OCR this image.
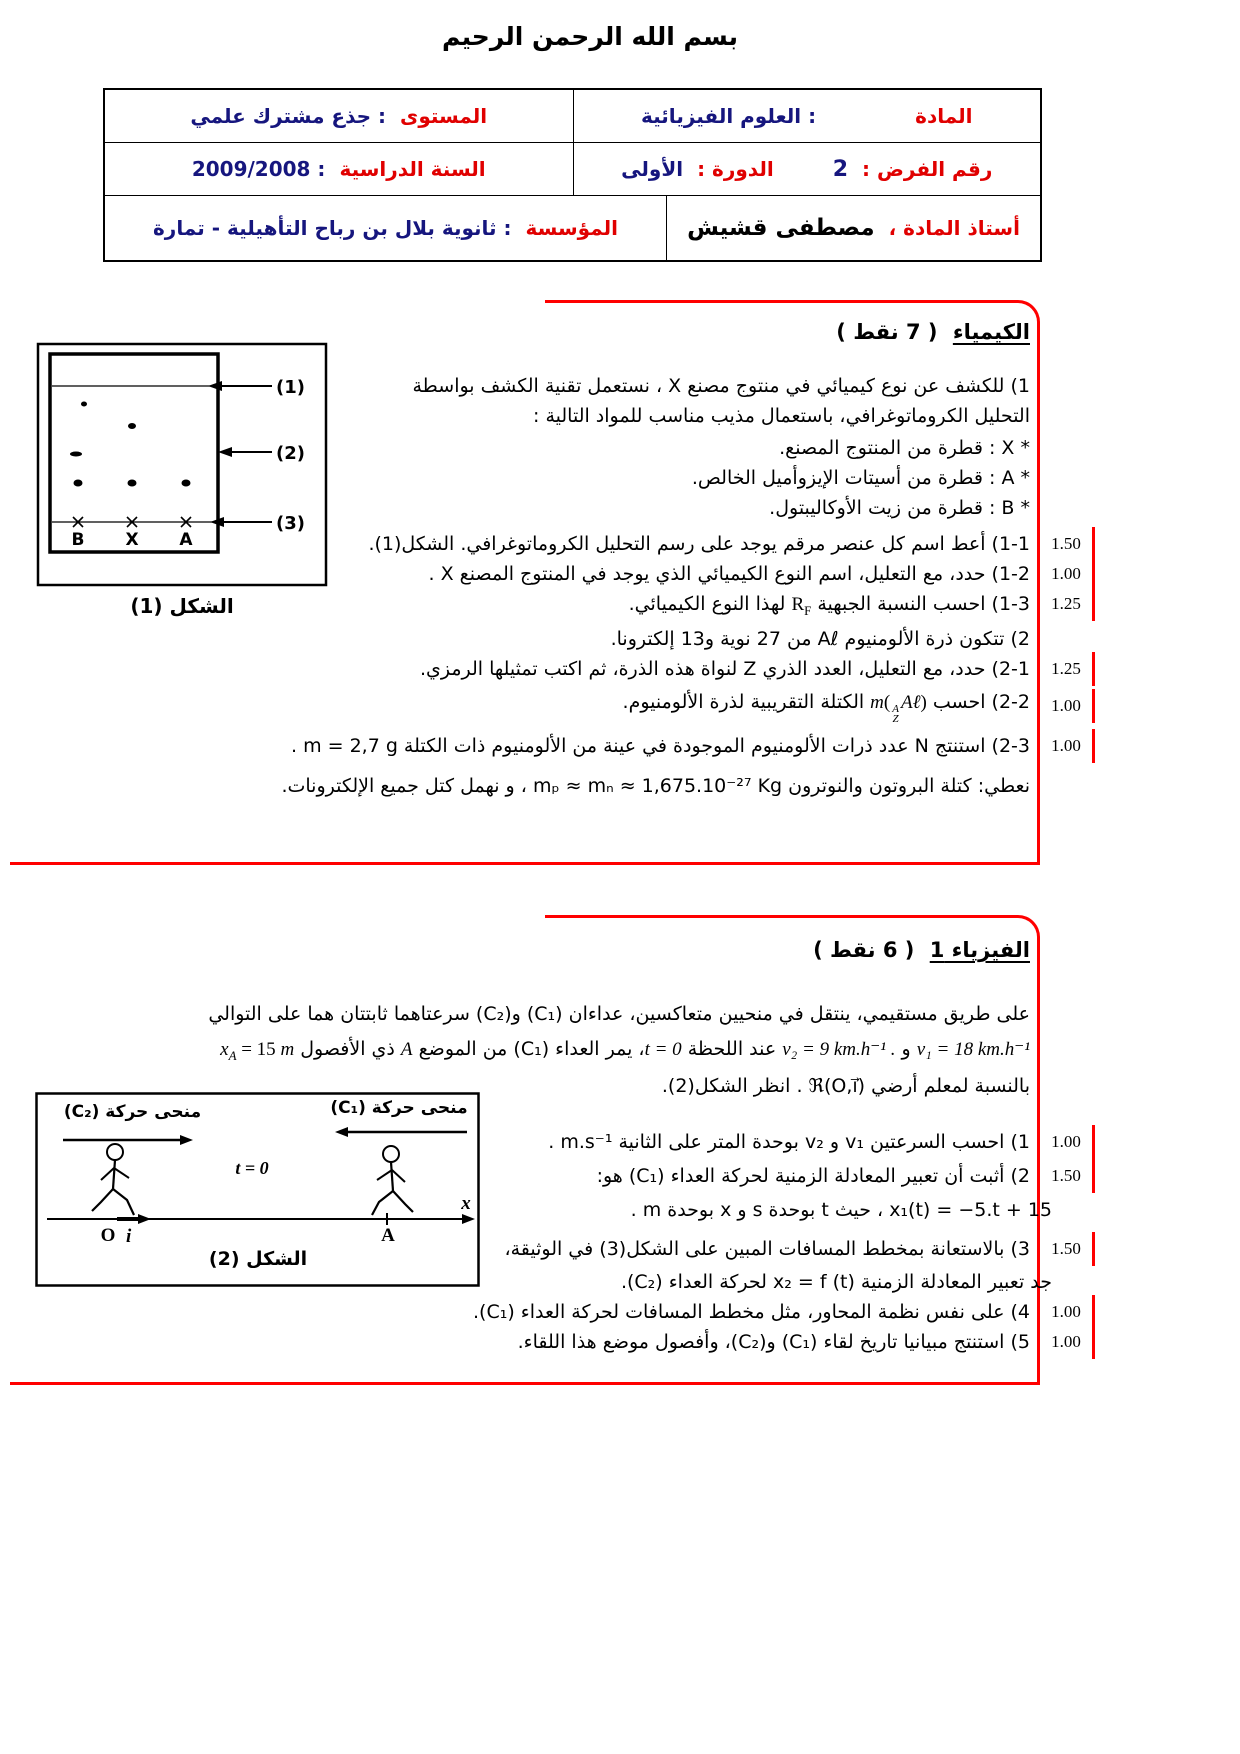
بسم الله الرحمن الرحيم
المادة
: العلوم الفيزيائية
المستوى
: جذع مشترك علمي
رقم الفرض :
2
الدورة :
الأولى
السنة الدراسية
: 2009/2008
أستاذ المادة ،
مصطفى قشيش
المؤسسة
: ثانوية بلال بن رباح التأهيلية - تمارة
الكيمياء ( 7 نقط )
1) للكشف عن نوع كيميائي في منتوج مصنع X ، نستعمل تقنية الكشف بواسطة
التحليل الكروماتوغرافي، باستعمال مذيب مناسب للمواد التالية :
* X : قطرة من المنتوج المصنع.
* A : قطرة من أسيتات الإيزوأميل الخالص.
* B : قطرة من زيت الأوكاليبتول.
1-1) أعط اسم كل عنصر مرقم يوجد على رسم التحليل الكروماتوغرافي. الشكل(1).
1-2) حدد، مع التعليل، اسم النوع الكيميائي الذي يوجد في المنتوج المصنع X .
1-3) احسب النسبة الجبهية $R_F$ لهذا النوع الكيميائي.
2) تتكون ذرة الألومنيوم Aℓ من 27 نوية و13 إلكترونا.
2-1) حدد، مع التعليل، العدد الذري Z لنواة هذه الذرة، ثم اكتب تمثيلها الرمزي.
2-2) احسب m( A
Z
Aℓ) الكتلة التقريبية لذرة الألومنيوم.
2-3) استنتج N عدد ذرات الألومنيوم الموجودة في عينة من الألومنيوم ذات الكتلة m = 2,7 g .
نعطي: كتلة البروتون والنوترون mₚ ≈ mₙ ≈ 1,675.10⁻²⁷ Kg ، و نهمل كتل جميع الإلكترونات.
1.50
1.00
1.25
1.25
1.00
1.00
B X A
(1)
(2)
(3)
الشكل (1)
الفيزياء 1 ( 6 نقط )
على طريق مستقيمي، ينتقل في منحيين متعاكسين، عداءان (C₁) و(C₂) سرعتاهما ثابتتان هما على التوالي
v₁ = 18 km.h⁻¹ و v₂ = 9 km.h⁻¹ . عند اللحظة t = 0، يمر العداء (C₁) من الموضع A ذي الأفصول $x_A = 15$ m
بالنسبة لمعلم أرضي ℜ(O,i⃗) . انظر الشكل(2).
1) احسب السرعتين v₁ و v₂ بوحدة المتر على الثانية m.s⁻¹ .
2) أثبت أن تعبير المعادلة الزمنية لحركة العداء (C₁) هو:
x₁(t) = −5.t + 15 ، حيث t بوحدة s و x بوحدة m .
3) بالاستعانة بمخطط المسافات المبين على الشكل(3) في الوثيقة،
جد تعبير المعادلة الزمنية x₂ = f (t) لحركة العداء (C₂).
4) على نفس نظمة المحاور، مثل مخطط المسافات لحركة العداء (C₁).
5) استنتج مبيانيا تاريخ لقاء (C₁) و(C₂)، وأفصول موضع هذا اللقاء.
1.00
1.50
1.50
1.00
1.00
منحى حركة (C₂)	منحى حركة (C₁)
t = 0
O i⃗	A
x
الشكل (2)
